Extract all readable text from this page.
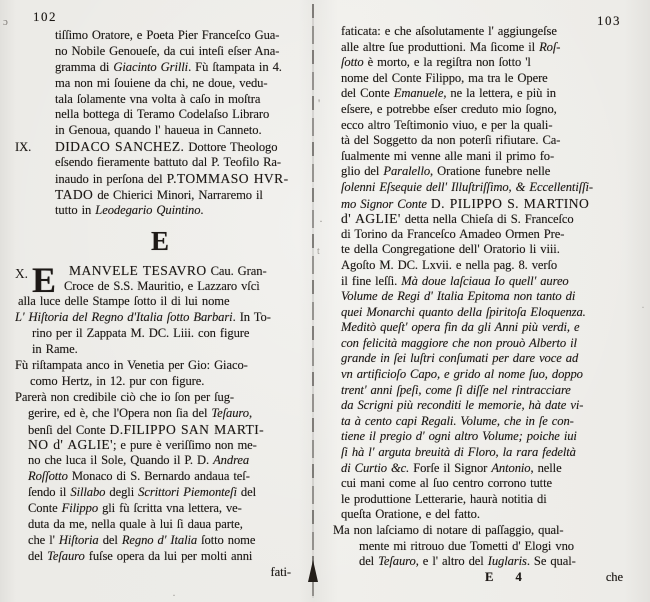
102	103
tiſſimo Oratore, e Poeta Pier Franceſco Gua-
no Nobile Genoueſe, da cui inteſi eſser Ana-
gramma di Giacinto Grilli. Fù ſtampata in 4.
ma non mi ſouiene da chi, ne doue, vedu-
tala ſolamente vna volta à caſo in moſtra
nella bottega di Teramo Codelaſso Libraro
in Genoua, quando l' haueua in Canneto.
IX. DIDACO SANCHEZ. Dottore Theologo
eſsendo fieramente battuto dal P. Teofilo Ra-
inaudo in perſona del P.TOMMASO HVR-
TADO de Chierici Minori, Narraremo il
tutto in Leodegario Quintino.
E
X. E MANVELE TESAVRO Cau. Gran-
Croce de S.S. Mauritio, e Lazzaro vſcì
alla luce delle Stampe ſotto il di lui nome
L' Hiſtoria del Regno d'Italia ſotto Barbari. In To-
rino per il Zappata M. DC. Liii. con figure
in Rame.
Fù riſtampata anco in Venetia per Gio: Giaco-
como Hertz, in 12. pur con figure.
Parerà non credibile ciò che io ſon per ſug-
gerire, ed è, che l'Opera non ſia del Teſauro,
benſi del Conte D.FILIPPO SAN MARTI-
NO d' AGLIE'; e pure è veriſſimo non me-
no che luca il Sole, Quando il P. D. Andrea
Roſſotto Monaco di S. Bernardo andaua teſ-
ſendo il Sillabo degli Scrittori Piemonteſi del
Conte Filippo gli fù ſcritta vna lettera, ve-
duta da me, nella quale à lui ſi daua parte,
che l' Hiſtoria del Regno d' Italia ſotto nome
del Teſauro fuſse opera da lui per molti anni
fati-
faticata: e che aſsolutamente l' aggiungeſse
alle altre ſue produttioni. Ma ſicome il Roſ-
ſotto è morto, e la regiſtra non ſotto 'l
nome del Conte Filippo, ma tra le Opere
del Conte Emanuele, ne la lettera, e più in
eſsere, e potrebbe eſser creduto mio ſogno,
ecco altro Teſtimonio viuo, e per la quali-
tà del Soggetto da non poterſi rifiutare. Ca-
ſualmente mi venne alle mani il primo fo-
glio del Paralello, Oratione funebre nelle
ſolenni Eſsequie dell' Illuſtriſſimo, & Eccellentiſſi-
mo Signor Conte D. PILIPPO S. MARTINO
d' AGLIE' detta nella Chieſa di S. Franceſco
di Torino da Franceſco Amadeo Ormen Pre-
te della Congregatione dell' Oratorio li viii.
Agoſto M. DC. Lxvii. e nella pag. 8. verſo
il fine leſſi. Mà doue laſciaua Io quell' aureo
Volume de Regi d' Italia Epitoma non tanto di
quei Monarchi quanto della ſpiritoſa Eloquenza.
Meditò queſt' opera fin da gli Anni più verdi, e
con felicità maggiore che non prouò Alberto il
grande in ſei luſtri conſumati per dare voce ad
vn artificioſo Capo, e grido al nome ſuo, doppo
trent' anni ſpeſi, come ſi diſſe nel rintracciare
da Scrigni più reconditi le memorie, hà date vi-
ta à cento capi Regali. Volume, che in ſe con-
tiene il pregio d' ogni altro Volume; poiche iui
ſi hà l' arguta breuità di Floro, la rara fedeltà
di Curtio &c. Forſe il Signor Antonio, nelle
cui mani come al ſuo centro corrono tutte
le produttione Letterarie, haurà notitia di
queſta Oratione, e del fatto.
Ma non laſciamo di notare di paſſaggio, qual-
mente mi ritrouo due Tometti d' Elogi vno
del Teſauro, e l' altro del Iuglaris. Se qual-
E 4	che
ɔ
'
·
t
·
·
